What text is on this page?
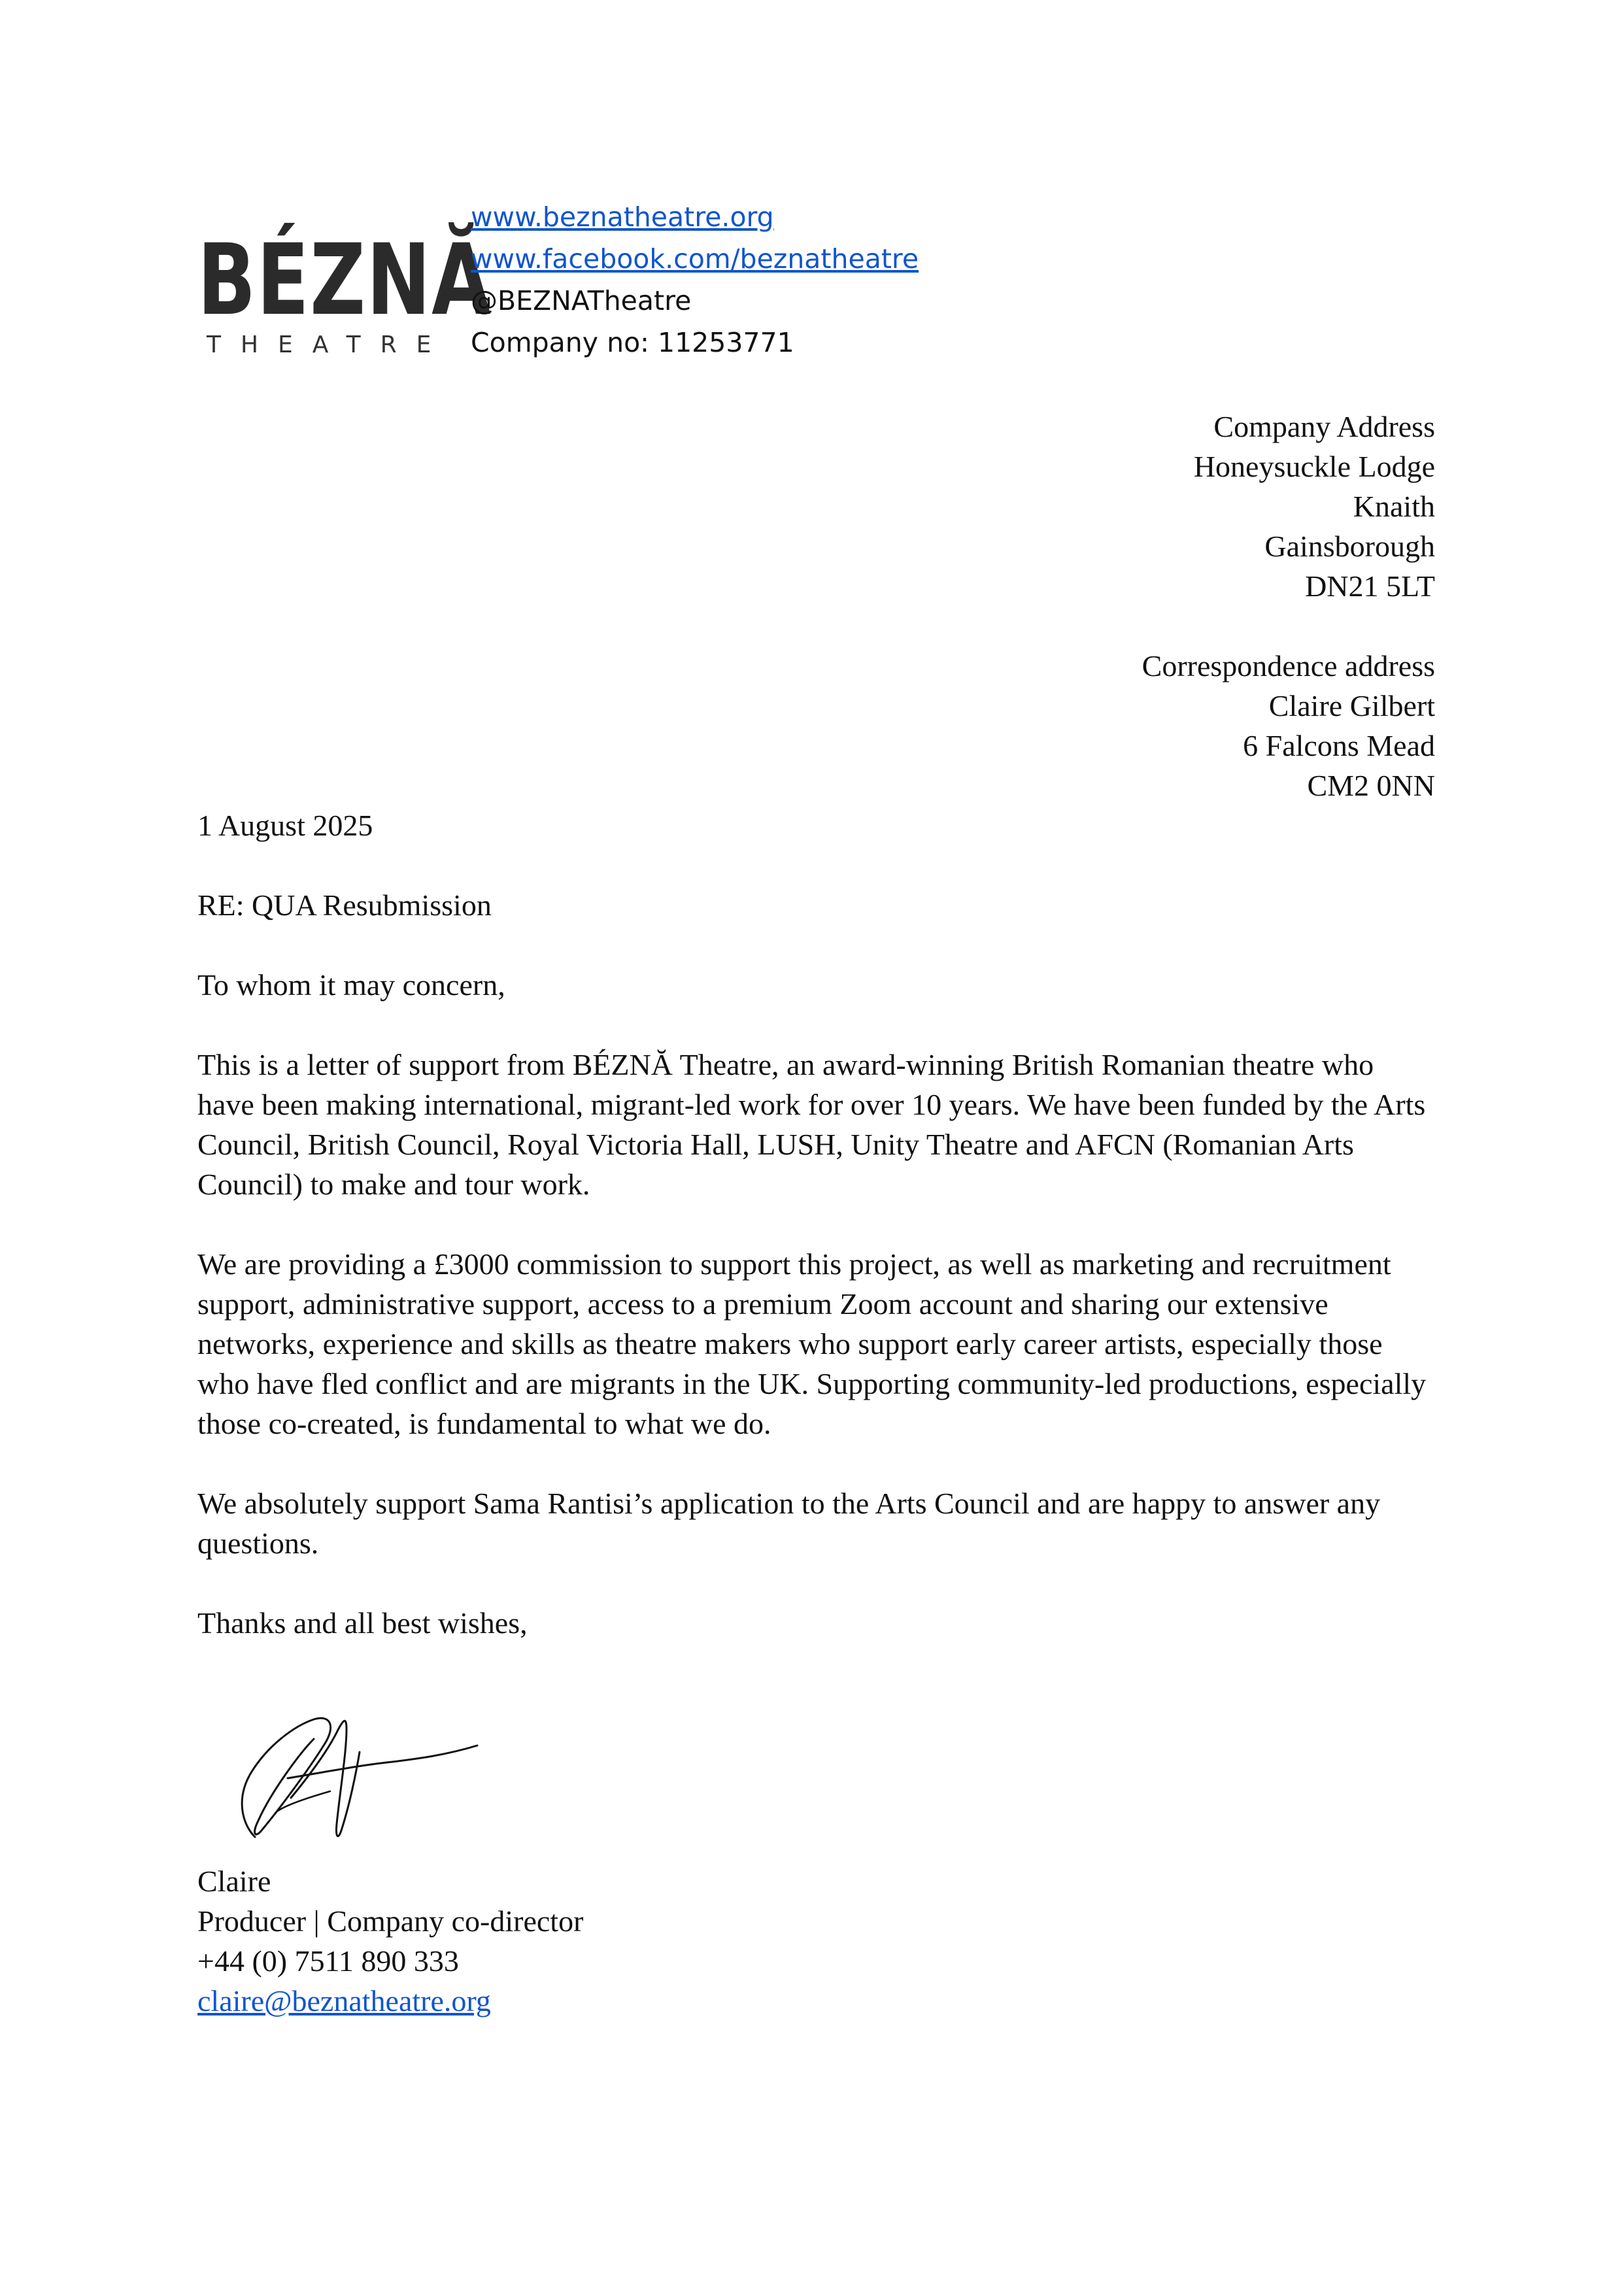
BÉZNĂ
THEATRE
www.beznatheatre.org
www.facebook.com/beznatheatre
@BEZNATheatre
Company no: 11253771
Company Address
Honeysuckle Lodge
Knaith
Gainsborough
DN21 5LT
Correspondence address
Claire Gilbert
6 Falcons Mead
CM2 0NN
1 August 2025
RE: QUA Resubmission
To whom it may concern,
This is a letter of support from BÉZNĂ Theatre, an award-winning British Romanian theatre who
have been making international, migrant-led work for over 10 years. We have been funded by the Arts
Council, British Council, Royal Victoria Hall, LUSH, Unity Theatre and AFCN (Romanian Arts
Council) to make and tour work.
We are providing a £3000 commission to support this project, as well as marketing and recruitment
support, administrative support, access to a premium Zoom account and sharing our extensive
networks, experience and skills as theatre makers who support early career artists, especially those
who have fled conflict and are migrants in the UK. Supporting community-led productions, especially
those co-created, is fundamental to what we do.
We absolutely support Sama Rantisi’s application to the Arts Council and are happy to answer any
questions.
Thanks and all best wishes,
Claire
Producer | Company co-director
+44 (0) 7511 890 333
claire@beznatheatre.org
